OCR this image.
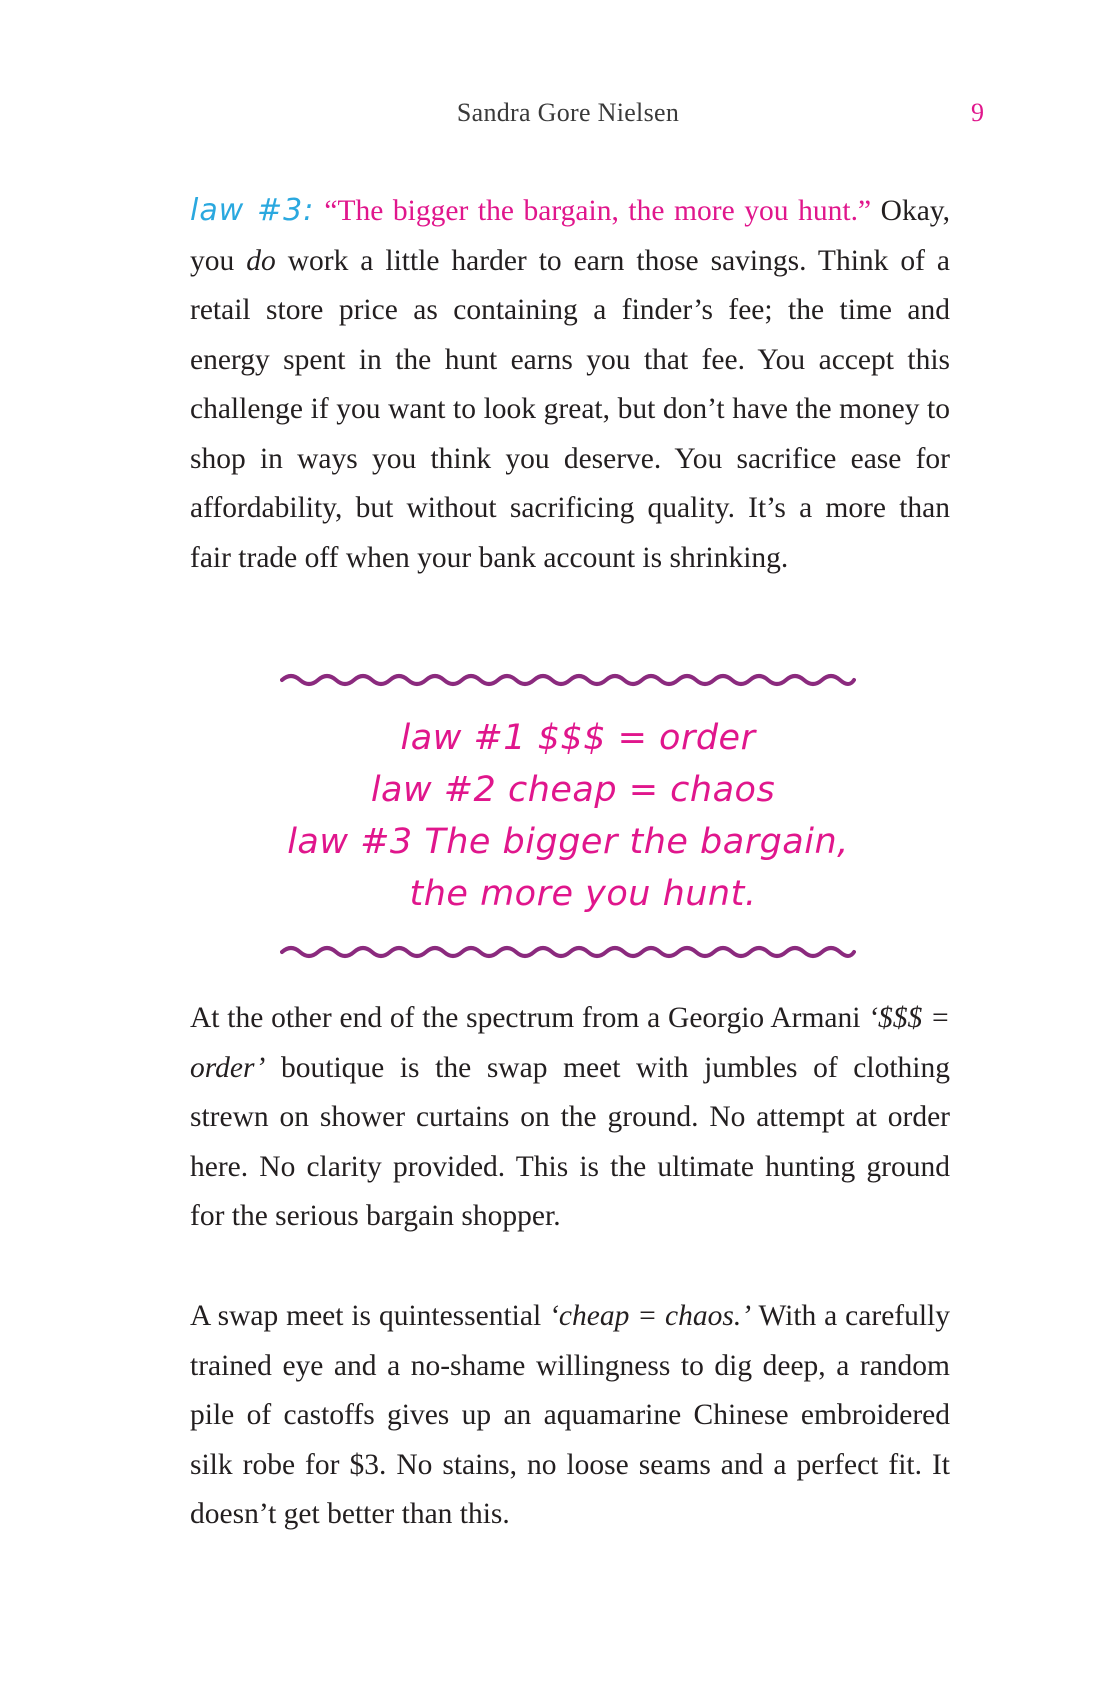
Sandra Gore Nielsen	9
law #3: “The bigger the bargain, the more you hunt.” Okay, you do work a little harder to earn those savings. Think of a retail store price as containing a finder’s fee; the time and energy spent in the hunt earns you that fee. You accept this challenge if you want to look great, but don’t have the money to shop in ways you think you deserve. You sacrifice ease for affordability, but without sacrificing quality. It’s a more than fair trade off when your bank account is shrinking.
law #1 $$$ = order
law #2 cheap = chaos
law #3 The bigger the bargain,
the more you hunt.
At the other end of the spectrum from a Georgio Armani ‘$$$ = order’ boutique is the swap meet with jumbles of clothing strewn on shower curtains on the ground. No attempt at order here. No clarity provided. This is the ultimate hunting ground for the serious bargain shopper.
A swap meet is quintessential ‘cheap = chaos.’ With a carefully trained eye and a no-shame willingness to dig deep, a random pile of castoffs gives up an aquamarine Chinese embroidered silk robe for $3. No stains, no loose seams and a perfect fit. It doesn’t get better than this.
